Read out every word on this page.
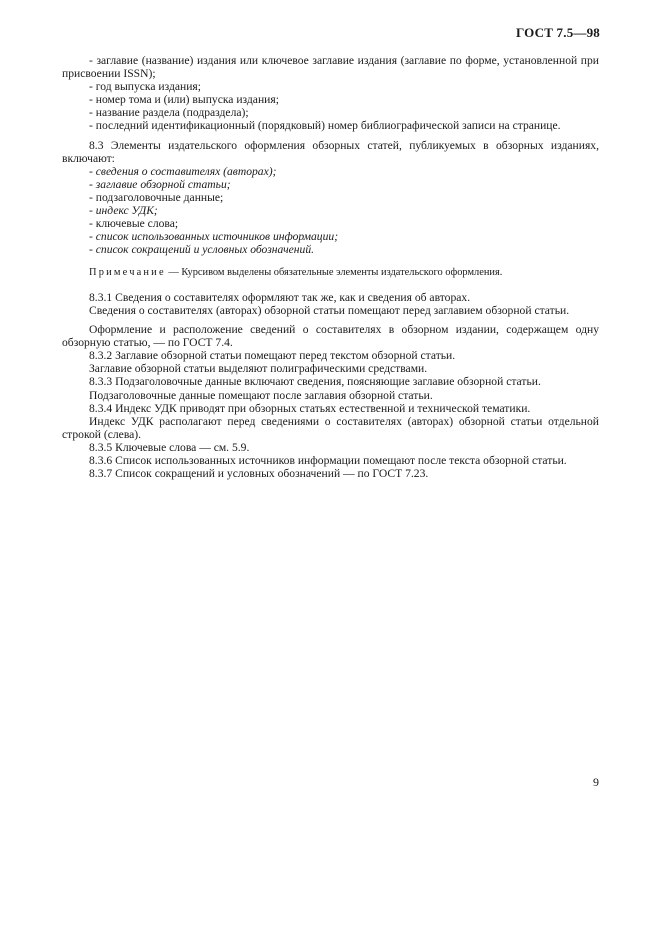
ГОСТ 7.5—98

- заглавие (название) издания или ключевое заглавие издания (заглавие по форме, установленной при присвоении ISSN);

- год выпуска издания;

- номер тома и (или) выпуска издания;

- название раздела (подраздела);

- последний идентификационный (порядковый) номер библиографической записи на странице.

8.3 Элементы издательского оформления обзорных статей, публикуемых в обзорных изданиях, включают:

- сведения о составителях (авторах);

- заглавие обзорной статьи;

- подзаголовочные данные;

- индекс УДК;

- ключевые слова;

- список использованных источников информации;

- список сокращений и условных обозначений.

Примечание — Курсивом выделены обязательные элементы издательского оформления.

8.3.1 Сведения о составителях оформляют так же, как и сведения об авторах.

Сведения о составителях (авторах) обзорной статьи помещают перед заглавием обзорной статьи.

Оформление и расположение сведений о составителях в обзорном издании, содержащем одну обзорную статью, — по ГОСТ 7.4.

8.3.2 Заглавие обзорной статьи помещают перед текстом обзорной статьи.

Заглавие обзорной статьи выделяют полиграфическими средствами.

8.3.3 Подзаголовочные данные включают сведения, поясняющие заглавие обзорной статьи.

Подзаголовочные данные помещают после заглавия обзорной статьи.

8.3.4 Индекс УДК приводят при обзорных статьях естественной и технической тематики.

Индекс УДК располагают перед сведениями о составителях (авторах) обзорной статьи отдельной строкой (слева).

8.3.5 Ключевые слова — см. 5.9.

8.3.6 Список использованных источников информации помещают после текста обзорной статьи.

8.3.7 Список сокращений и условных обозначений — по ГОСТ 7.23.

9
